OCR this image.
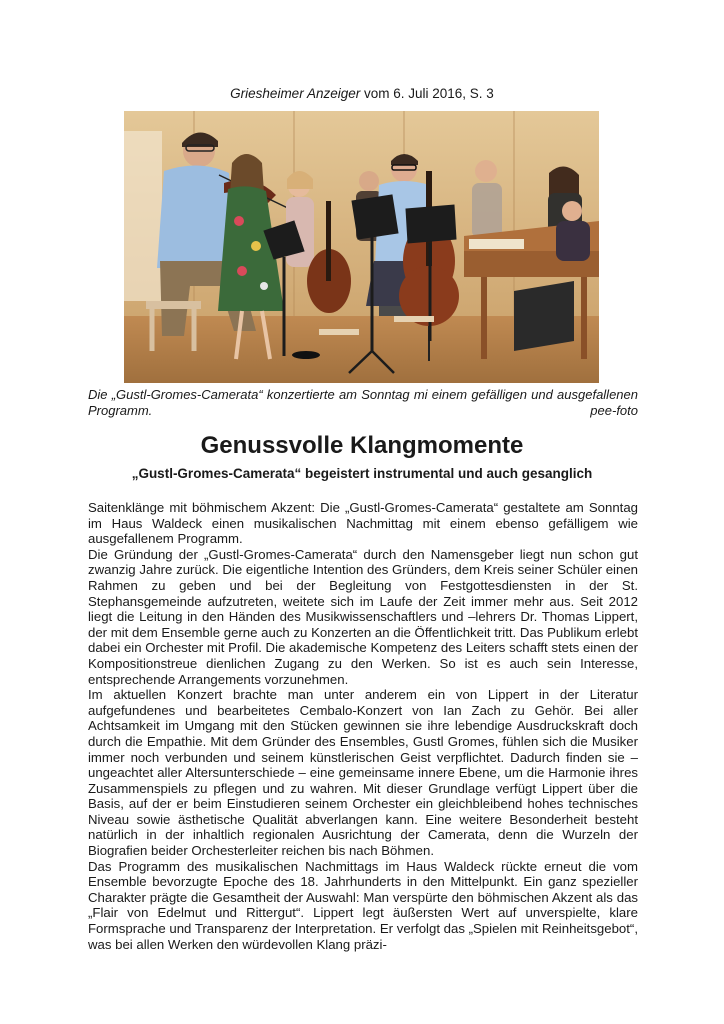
Griesheimer Anzeiger vom 6. Juli 2016, S. 3
Die „Gustl-Gromes-Camerata“ konzertierte am Sonntag mi einem gefälligen und ausgefallenen Programm.	pee-foto
Genussvolle Klangmomente
„Gustl-Gromes-Camerata“ begeistert instrumental und auch gesanglich

Saitenklänge mit böhmischem Akzent: Die „Gustl-Gromes-Camerata“ gestaltete am Sonntag im Haus Waldeck einen musikalischen Nachmittag mit einem ebenso gefälligem wie ausgefallenem Programm.

Die Gründung der „Gustl-Gromes-Camerata“ durch den Namensgeber liegt nun schon gut zwanzig Jahre zurück. Die eigentliche Intention des Gründers, dem Kreis seiner Schüler einen Rahmen zu geben und bei der Begleitung von Festgottesdiensten in der St. Stephansgemeinde aufzutreten, weitete sich im Laufe der Zeit immer mehr aus. Seit 2012 liegt die Leitung in den Händen des Musikwissenschaftlers und –lehrers Dr. Thomas Lippert, der mit dem Ensemble gerne auch zu Konzerten an die Öffentlichkeit tritt. Das Publikum erlebt dabei ein Orchester mit Profil. Die akademische Kompetenz des Leiters schafft stets einen der Kompositionstreue dienlichen Zugang zu den Werken. So ist es auch sein Interesse, entsprechende Arrangements vorzunehmen.

Im aktuellen Konzert brachte man unter anderem ein von Lippert in der Literatur aufgefundenes und bearbeitetes Cembalo-Konzert von Ian Zach zu Gehör. Bei aller Achtsamkeit im Umgang mit den Stücken gewinnen sie ihre lebendige Ausdruckskraft doch durch die Empathie. Mit dem Gründer des Ensembles, Gustl Gromes, fühlen sich die Musiker immer noch verbunden und seinem künstlerischen Geist verpflichtet. Dadurch finden sie – ungeachtet aller Altersunterschiede – eine gemeinsame innere Ebene, um die Harmonie ihres Zusammenspiels zu pflegen und zu wahren. Mit dieser Grundlage verfügt Lippert über die Basis, auf der er beim Einstudieren seinem Orchester ein gleichbleibend hohes technisches Niveau sowie ästhetische Qualität abverlangen kann. Eine weitere Besonderheit besteht natürlich in der inhaltlich regionalen Ausrichtung der Camerata, denn die Wurzeln der Biografien beider Orchesterleiter reichen bis nach Böhmen.

Das Programm des musikalischen Nachmittags im Haus Waldeck rückte erneut die vom Ensemble bevorzugte Epoche des 18. Jahrhunderts in den Mittelpunkt. Ein ganz spezieller Charakter prägte die Gesamtheit der Auswahl: Man verspürte den böhmischen Akzent als das „Flair von Edelmut und Rittergut“. Lippert legt äußersten Wert auf unverspielte, klare Formsprache und Transparenz der Interpretation. Er verfolgt das „Spielen mit Reinheitsgebot“, was bei allen Werken den würdevollen Klang präzi-
